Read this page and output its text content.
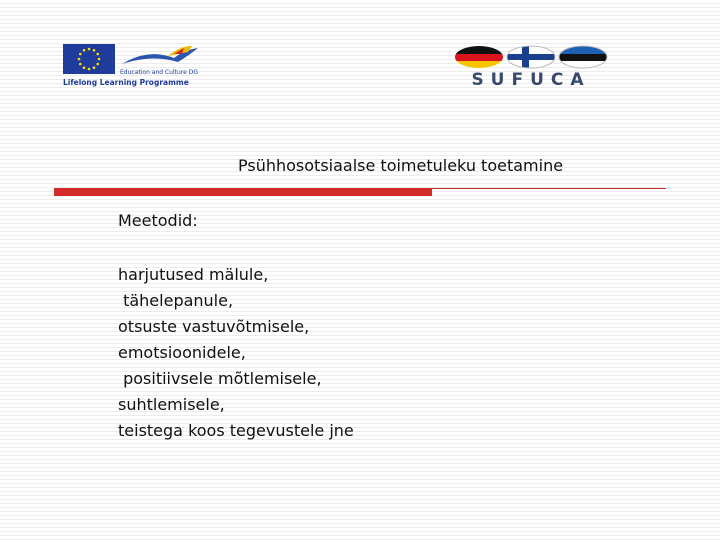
Education and Culture DG
Lifelong Learning Programme	SUFUCA
Psühhosotsiaalse toimetuleku toetamine
Meetodid:
harjutused mälule,
tähelepanule,
otsuste vastuvõtmisele,
emotsioonidele,
positiivsele mõtlemisele,
suhtlemisele,
teistega koos tegevustele jne
